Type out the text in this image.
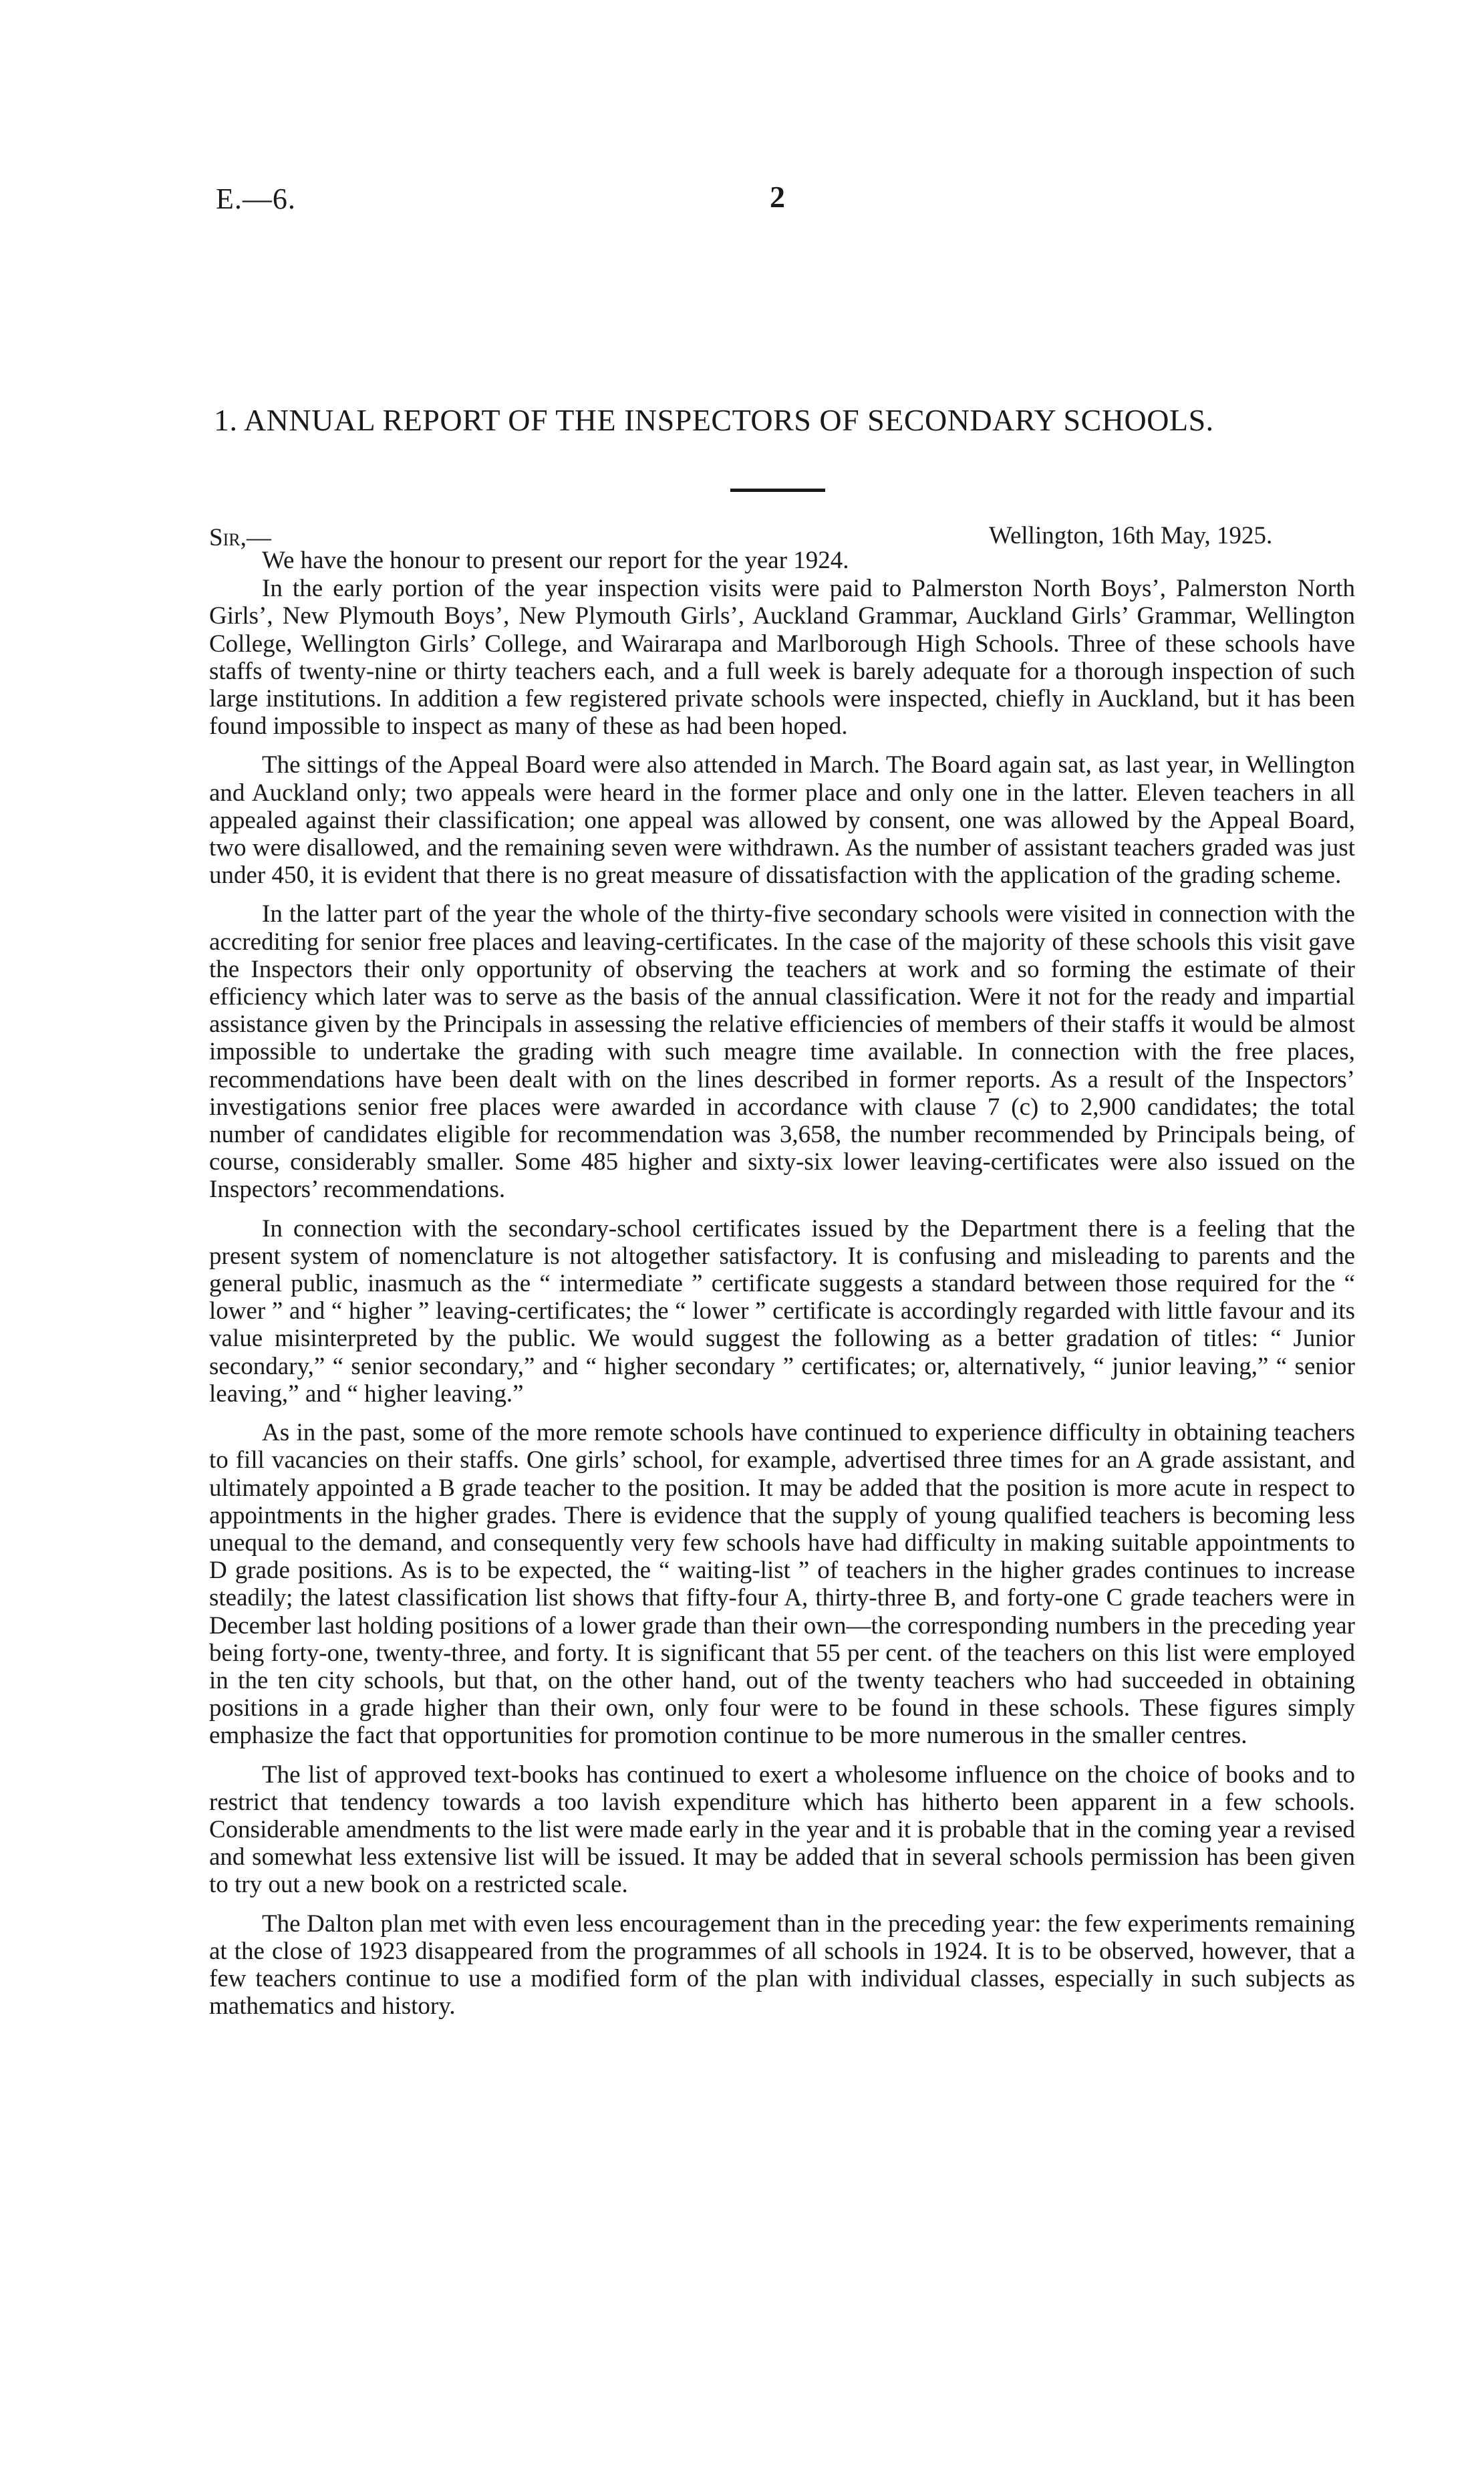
E.—6.	2
1. ANNUAL REPORT OF THE INSPECTORS OF SECONDARY SCHOOLS.
Sir,—	Wellington, 16th May, 1925.

We have the honour to present our report for the year 1924.

In the early portion of the year inspection visits were paid to Palmerston North Boys’, Palmerston North Girls’, New Plymouth Boys’, New Plymouth Girls’, Auckland Grammar, Auckland Girls’ Grammar, Wellington College, Wellington Girls’ College, and Wairarapa and Marlborough High Schools. Three of these schools have staffs of twenty-nine or thirty teachers each, and a full week is barely adequate for a thorough inspection of such large institutions. In addition a few registered private schools were inspected, chiefly in Auckland, but it has been found impossible to inspect as many of these as had been hoped.

The sittings of the Appeal Board were also attended in March. The Board again sat, as last year, in Wellington and Auckland only; two appeals were heard in the former place and only one in the latter. Eleven teachers in all appealed against their classification; one appeal was allowed by consent, one was allowed by the Appeal Board, two were disallowed, and the remaining seven were withdrawn. As the number of assistant teachers graded was just under 450, it is evident that there is no great measure of dissatisfaction with the application of the grading scheme.

In the latter part of the year the whole of the thirty-five secondary schools were visited in connection with the accrediting for senior free places and leaving-certificates. In the case of the majority of these schools this visit gave the Inspectors their only opportunity of observing the teachers at work and so forming the estimate of their efficiency which later was to serve as the basis of the annual classification. Were it not for the ready and impartial assistance given by the Principals in assessing the relative efficiencies of members of their staffs it would be almost impossible to undertake the grading with such meagre time available. In connection with the free places, recommendations have been dealt with on the lines described in former reports. As a result of the Inspectors’ investigations senior free places were awarded in accordance with clause 7 (c) to 2,900 candidates; the total number of candidates eligible for recommendation was 3,658, the number recommended by Principals being, of course, considerably smaller. Some 485 higher and sixty-six lower leaving-certificates were also issued on the Inspectors’ recommendations.

In connection with the secondary-school certificates issued by the Department there is a feeling that the present system of nomenclature is not altogether satisfactory. It is confusing and misleading to parents and the general public, inasmuch as the “ intermediate ” certificate suggests a standard between those required for the “ lower ” and “ higher ” leaving-certificates; the “ lower ” certificate is accordingly regarded with little favour and its value misinterpreted by the public. We would suggest the following as a better gradation of titles: “ Junior secondary,” “ senior secondary,” and “ higher secondary ” certificates; or, alternatively, “ junior leaving,” “ senior leaving,” and “ higher leaving.”

As in the past, some of the more remote schools have continued to experience difficulty in obtaining teachers to fill vacancies on their staffs. One girls’ school, for example, advertised three times for an A grade assistant, and ultimately appointed a B grade teacher to the position. It may be added that the position is more acute in respect to appointments in the higher grades. There is evidence that the supply of young qualified teachers is becoming less unequal to the demand, and consequently very few schools have had difficulty in making suitable appointments to D grade positions. As is to be expected, the “ waiting-list ” of teachers in the higher grades continues to increase steadily; the latest classification list shows that fifty-four A, thirty-three B, and forty-one C grade teachers were in December last holding positions of a lower grade than their own—the corresponding numbers in the preceding year being forty-one, twenty-three, and forty. It is significant that 55 per cent. of the teachers on this list were employed in the ten city schools, but that, on the other hand, out of the twenty teachers who had succeeded in obtaining positions in a grade higher than their own, only four were to be found in these schools. These figures simply emphasize the fact that opportunities for promotion continue to be more numerous in the smaller centres.

The list of approved text-books has continued to exert a wholesome influence on the choice of books and to restrict that tendency towards a too lavish expenditure which has hitherto been apparent in a few schools. Considerable amendments to the list were made early in the year and it is probable that in the coming year a revised and somewhat less extensive list will be issued. It may be added that in several schools permission has been given to try out a new book on a restricted scale.

The Dalton plan met with even less encouragement than in the preceding year: the few experiments remaining at the close of 1923 disappeared from the programmes of all schools in 1924. It is to be observed, however, that a few teachers continue to use a modified form of the plan with individual classes, especially in such subjects as mathematics and history.
